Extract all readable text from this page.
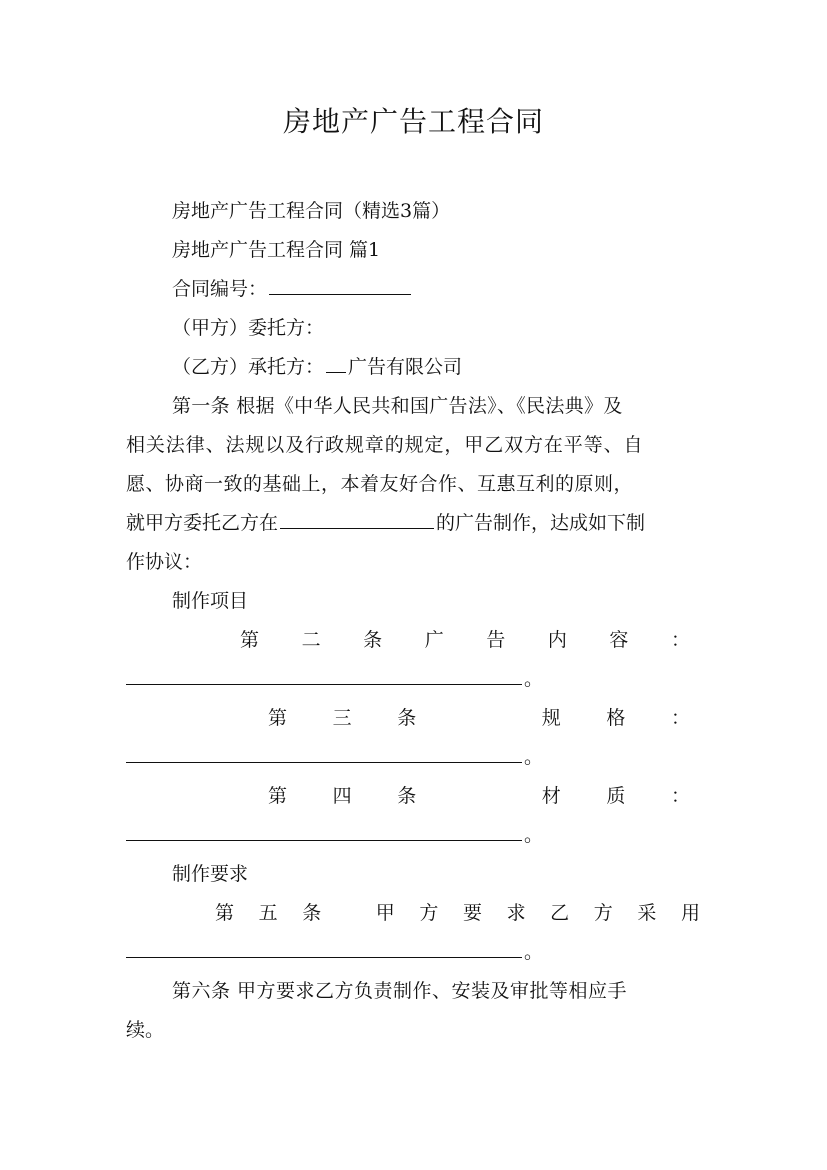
房地产广告工程合同
房地产广告工程合同（精选3篇）
房地产广告工程合同 篇1
合同编号：
（甲方）委托方：
（乙方）承托方： 广告有限公司
第一条 根据《中华人民共和国广告法》、《民法典》及
相关法律、法规以及行政规章的规定，甲乙双方在平等、自
愿、协商一致的基础上，本着友好合作、互惠互利的原则，
就甲方委托乙方在	的广告制作，达成如下制
作协议：
制作项目
第 二 条 广 告 内 容 ：
。
第 三 条	规 格 ：
。
第 四 条	材 质 ：
。
制作要求
第 五 条	甲 方 要 求 乙 方 采 用
。
第六条 甲方要求乙方负责制作、安装及审批等相应手
续。
